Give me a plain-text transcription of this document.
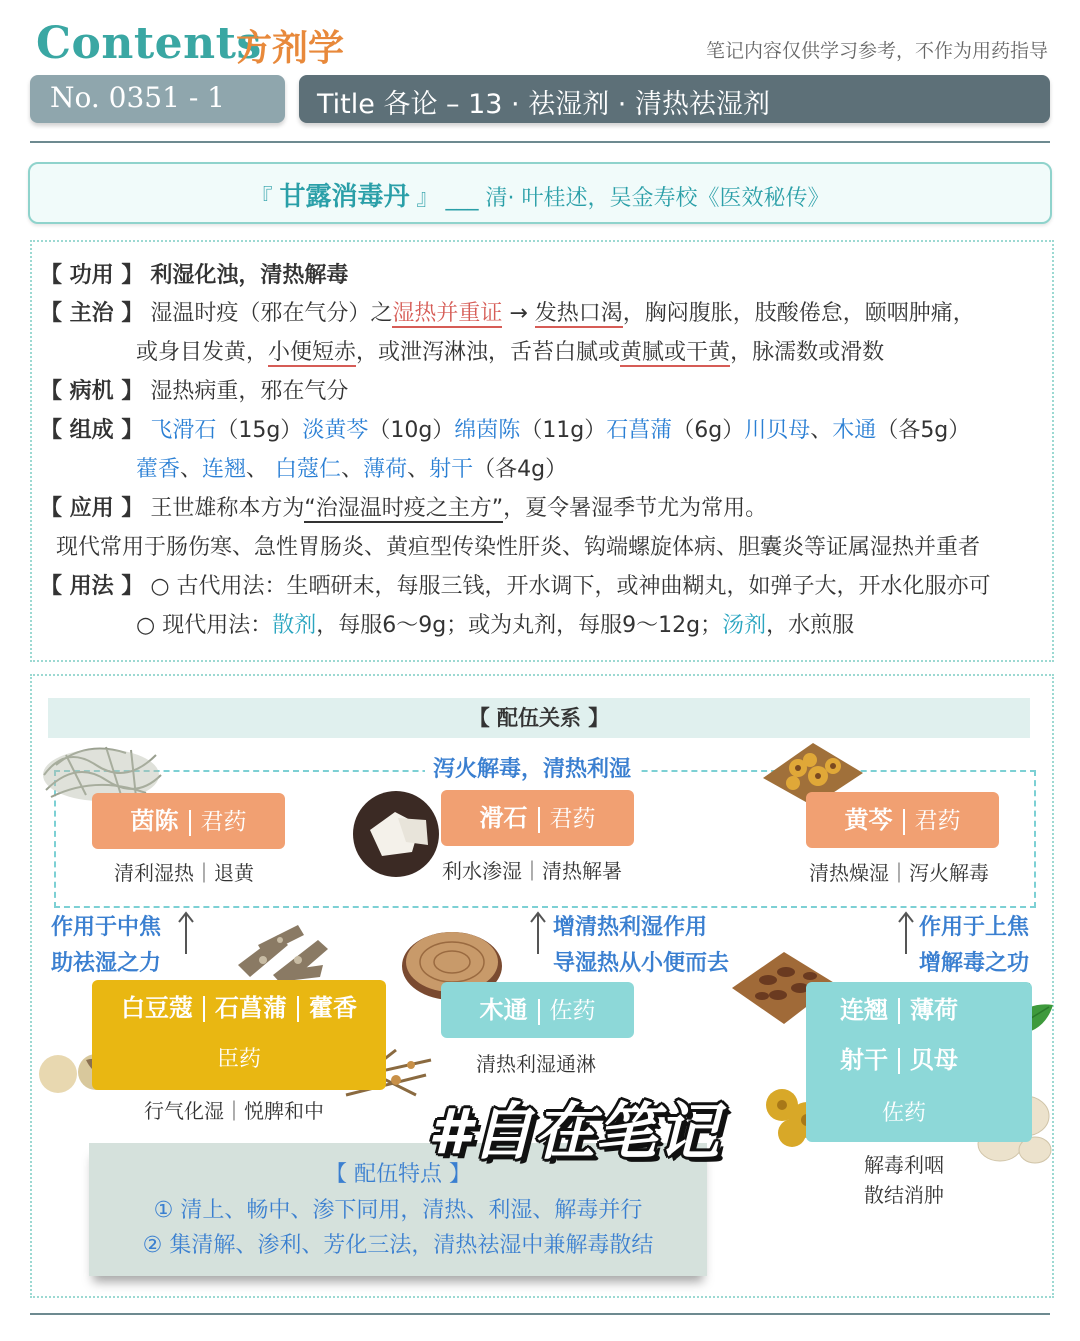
Contents
方剂学	笔记内容仅供学习参考，不作为用药指导
No. 0351 - 1	Title 各论 – 13 · 祛湿剂 · 清热祛湿剂
『 甘露消毒丹 』 ___ 清· 叶桂述，吴金寿校《医效秘传》
【 功用 】 利湿化浊，清热解毒
【 主治 】 湿温时疫（邪在气分）之湿热并重证 → 发热口渴，胸闷腹胀，肢酸倦怠，颐咽肿痛，
或身目发黄，小便短赤，或泄泻淋浊，舌苔白腻或黄腻或干黄，脉濡数或滑数
【 病机 】 湿热病重，邪在气分
【 组成 】 飞滑石（15g）淡黄芩（10g）绵茵陈（11g）石菖蒲（6g）川贝母、木通（各5g）
藿香、连翘、 白蔻仁、薄荷、射干（各4g）
【 应用 】 王世雄称本方为“治湿温时疫之主方”，夏令暑湿季节尤为常用。
现代常用于肠伤寒、急性胃肠炎、黄疸型传染性肝炎、钩端螺旋体病、胆囊炎等证属湿热并重者
【 用法 】 ○ 古代用法：生晒研末，每服三钱，开水调下，或神曲糊丸，如弹子大，开水化服亦可
○ 现代用法：散剂，每服6～9g；或为丸剂，每服9～12g；汤剂，水煎服
【 配伍关系 】
泻火解毒，清热利湿
茵陈 君药
清利湿热｜退黄
滑石 君药
利水渗湿｜清热解暑
黄芩 君药
清热燥湿｜泻火解毒
作用于中焦
助祛湿之力
增清热利湿作用
导湿热从小便而去
作用于上焦
增解毒之功
白豆蔻 石菖蒲 藿香
臣药
行气化湿｜悦脾和中
木通 佐药
清热利湿通淋
连翘 薄荷
射干 贝母
佐药
解毒利咽
散结消肿
【 配伍特点 】
① 清上、畅中、渗下同用，清热、利湿、解毒并行
② 集清解、渗利、芳化三法，清热祛湿中兼解毒散结
#自在笔记
